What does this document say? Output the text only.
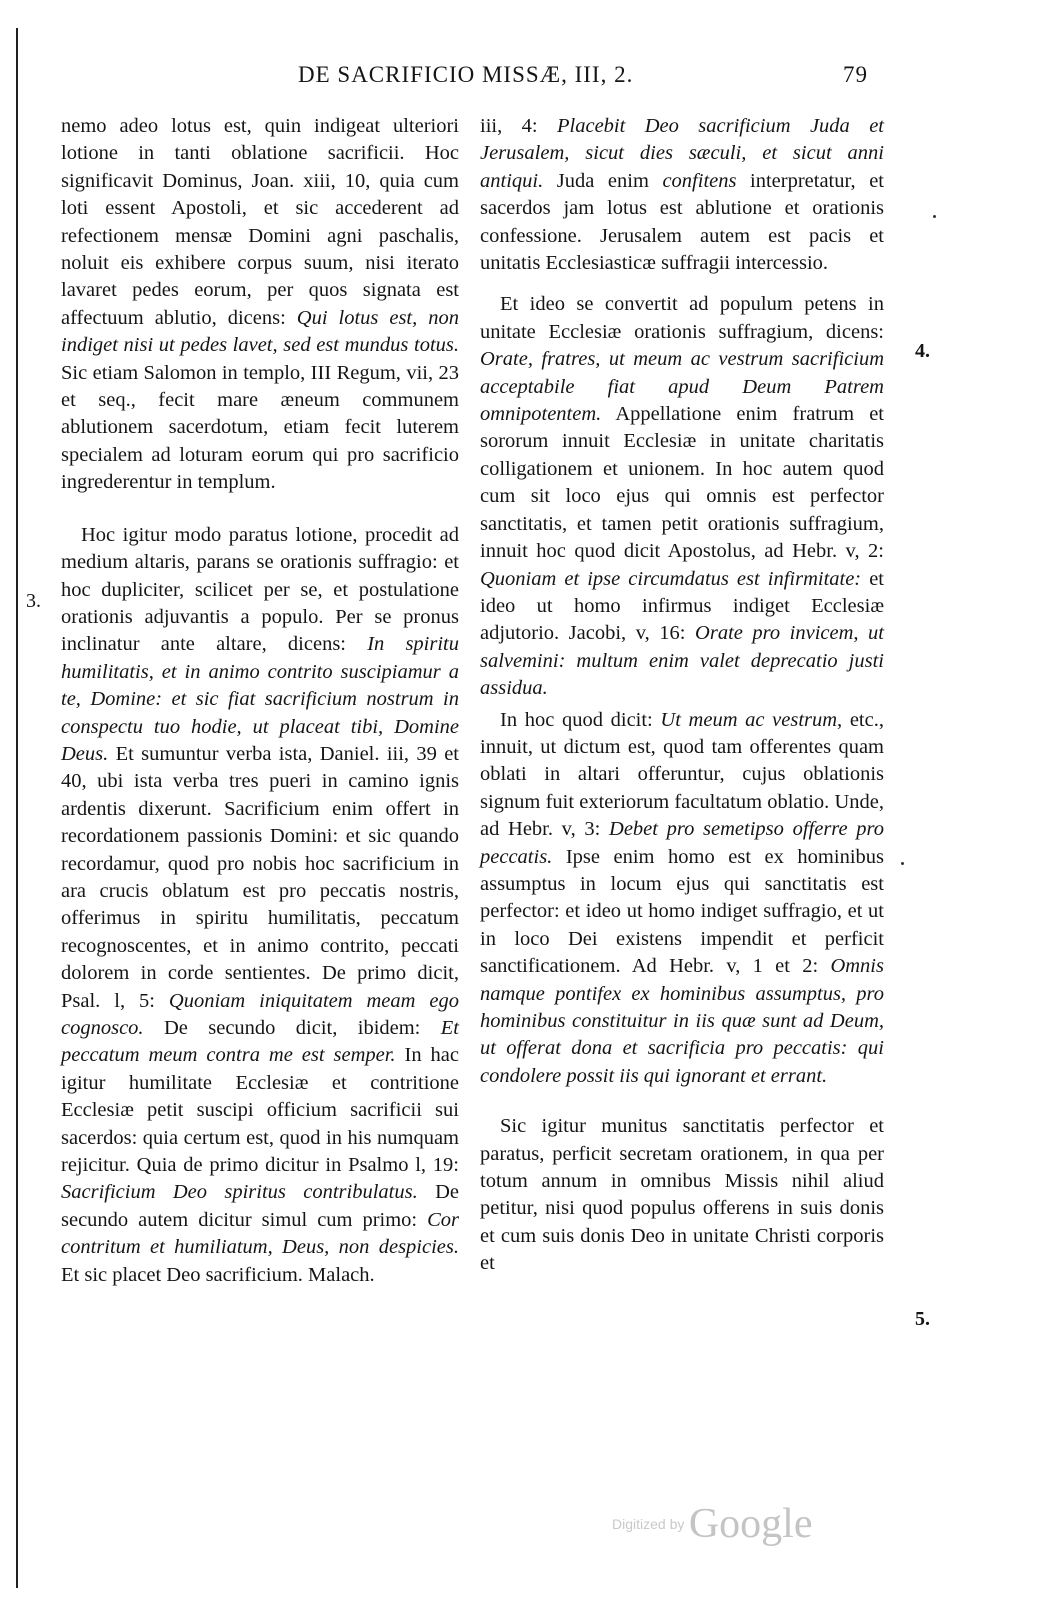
DE SACRIFICIO MISSÆ, III, 2.	79
3.
4.
5.

nemo adeo lotus est, quin indigeat ulteriori lotione in tanti oblatione sacrificii. Hoc significavit Dominus, Joan. xiii, 10, quia cum loti essent Apostoli, et sic accederent ad refectionem mensæ Domini agni paschalis, noluit eis exhibere corpus suum, nisi iterato lavaret pedes eorum, per quos signata est affectuum ablutio, dicens: Qui lotus est, non indiget nisi ut pedes lavet, sed est mundus totus. Sic etiam Salomon in templo, III Regum, vii, 23 et seq., fecit mare æneum communem ablutionem sacerdotum, etiam fecit luterem specialem ad loturam eorum qui pro sacrificio ingrederentur in templum.

Hoc igitur modo paratus lotione, procedit ad medium altaris, parans se orationis suffragio: et hoc dupliciter, scilicet per se, et postulatione orationis adjuvantis a populo. Per se pronus inclinatur ante altare, dicens: In spiritu humilitatis, et in animo contrito suscipiamur a te, Domine: et sic fiat sacrificium nostrum in conspectu tuo hodie, ut placeat tibi, Domine Deus. Et sumuntur verba ista, Daniel. iii, 39 et 40, ubi ista verba tres pueri in camino ignis ardentis dixerunt. Sacrificium enim offert in recordationem passionis Domini: et sic quando recordamur, quod pro nobis hoc sacrificium in ara crucis oblatum est pro peccatis nostris, offerimus in spiritu humilitatis, peccatum recognoscentes, et in animo contrito, peccati dolorem in corde sentientes. De primo dicit, Psal. l, 5: Quoniam iniquitatem meam ego cognosco. De secundo dicit, ibidem: Et peccatum meum contra me est semper. In hac igitur humilitate Ecclesiæ et contritione Ecclesiæ petit suscipi officium sacrificii sui sacerdos: quia certum est, quod in his numquam rejicitur. Quia de primo dicitur in Psalmo l, 19: Sacrificium Deo spiritus contribulatus. De secundo autem dicitur simul cum primo: Cor contritum et humiliatum, Deus, non despicies. Et sic placet Deo sacrificium. Malach.

iii, 4: Placebit Deo sacrificium Juda et Jerusalem, sicut dies sæculi, et sicut anni antiqui. Juda enim confitens interpretatur, et sacerdos jam lotus est ablutione et orationis confessione. Jerusalem autem est pacis et unitatis Ecclesiasticæ suffragii intercessio.

Et ideo se convertit ad populum petens in unitate Ecclesiæ orationis suffragium, dicens: Orate, fratres, ut meum ac vestrum sacrificium acceptabile fiat apud Deum Patrem omnipotentem. Appellatione enim fratrum et sororum innuit Ecclesiæ in unitate charitatis colligationem et unionem. In hoc autem quod cum sit loco ejus qui omnis est perfector sanctitatis, et tamen petit orationis suffragium, innuit hoc quod dicit Apostolus, ad Hebr. v, 2: Quoniam et ipse circumdatus est infirmitate: et ideo ut homo infirmus indiget Ecclesiæ adjutorio. Jacobi, v, 16: Orate pro invicem, ut salvemini: multum enim valet deprecatio justi assidua.

In hoc quod dicit: Ut meum ac vestrum, etc., innuit, ut dictum est, quod tam offerentes quam oblati in altari offeruntur, cujus oblationis signum fuit exteriorum facultatum oblatio. Unde, ad Hebr. v, 3: Debet pro semetipso offerre pro peccatis. Ipse enim homo est ex hominibus assumptus in locum ejus qui sanctitatis est perfector: et ideo ut homo indiget suffragio, et ut in loco Dei existens impendit et perficit sanctificationem. Ad Hebr. v, 1 et 2: Omnis namque pontifex ex hominibus assumptus, pro hominibus constituitur in iis quæ sunt ad Deum, ut offerat dona et sacrificia pro peccatis: qui condolere possit iis qui ignorant et errant.

Sic igitur munitus sanctitatis perfector et paratus, perficit secretam orationem, in qua per totum annum in omnibus Missis nihil aliud petitur, nisi quod populus offerens in suis donis et cum suis donis Deo in unitate Christi corporis et

Digitized by Google
